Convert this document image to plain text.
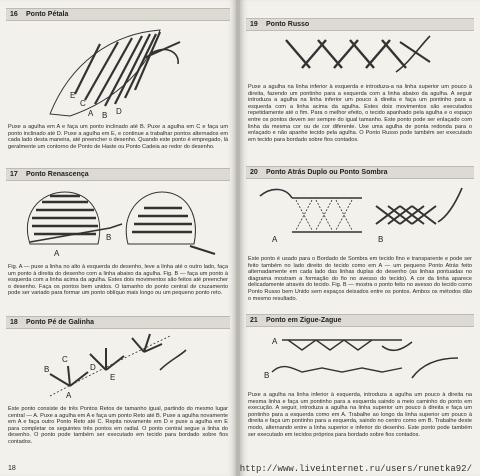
16 Ponto Pétala
A B
C
D
E
Puxe a agulha em A e faça um ponto inclinado até B. Puxe a agulha em C e faça um ponto inclinado até D. Puxe a agulha em E, e continue a trabalhar pontos alternados em cada lado desta maneira, até preencher o desenho. Quando este ponto é empregado, lá geralmente um contorno de Ponto de Haste ou Ponto Cadeia ao redor do desenho.
17 Ponto Renascença
A
B
Fig. A — puxe a linha no alto à esquerda do desenho, leve a linha até o outro lado, faça um ponto à direita do desenho com a linha abaixo da agulha. Fig. B — faça um ponto à esquerda com a linha acima da agulha. Estes dois movimentos são feitos até preencher o desenho. Faça os pontos bem unidos. O tamanho do ponto central de cruzamento pode ser variado para formar um ponto oblíquo mais longo ou um pequeno ponto reto.
18 Ponto Pé de Galinha
A
B
C
D
E
Este ponto consiste de três Pontos Retos de tamanho igual, partindo do mesmo lugar central — A. Puxe a agulha em A e faça um ponto Reto até B. Puxe a agulha novamente em A e faça outro Ponto Reto até C. Repita novamente em D e puxe a agulha em E para completar os seguintes três pontos em radial. O ponto central segue a linha do desenho. O ponto pode também ser executado em tecido para bordado sobre fios contados.
18
19 Ponto Russo
Puxe a agulha na linha inferior à esquerda e introduza-a na linha superior um pouco à direita, fazendo um pontinho para a esquerda com a linha abaixo da agulha. A seguir introduza a agulha na linha inferior um pouco à direita e faça um pontinho para a esquerda com a linha acima da agulha. Estes dois movimentos são executados repetidamente até o fim. Para o melhor efeito, o tecido apanhado pela agulha e o espaço entre os pontos devem ser sempre do igual tamanho. Este ponto pode ser enlaçado com linha da mesma cor ou de cor diferente. Use uma agulha de ponta redonda para o enlaçado e não apanhe tecido pela agulha. O Ponto Russo pode também ser executado em tecido para bordado sobre fios contados.
20 Ponto Atrás Duplo ou Ponto Sombra
A	B
Este ponto é usado para o Bordado de Sombra em tecido fino e transparente e pode ser feito também no lado direito do tecido como em A — um pequeno Ponto Atrás feito alternadamente em cada lado das linhas duplas do desenho (as linhas pontuadas no diagrama mostram a formação do fio no avesso do tecido). A cor da linha aparece delicadamente através do tecido. Fig. B — mostra o ponto feito no avesso do tecido como Ponto Russo bem Unido sem espaços deixados entre os pontos. Ambos os métodos dão o mesmo resultado.
21 Ponto em Zigue-Zague
A
B
Puxe a agulha na linha inferior à esquerda, introduza a agulha um pouco à direita na mesma linha e faça um pontinho para a esquerda saindo a meio caminho do ponto em execução. A seguir, introduza a agulha na linha superior um pouco à direita e faça um pontinho para a esquerda como em A. Trabalhe ao longo da linha superior um pouco à direita e faça um pontinho para a esquerda, saindo no centro como em B. Trabalhe deste modo, alternando entre a linha superior e inferior do desenho. Este ponto pode também ser executado em tecidos próprios para bordado sobre fios contados.
http://www.liveinternet.ru/users/runetka92/
